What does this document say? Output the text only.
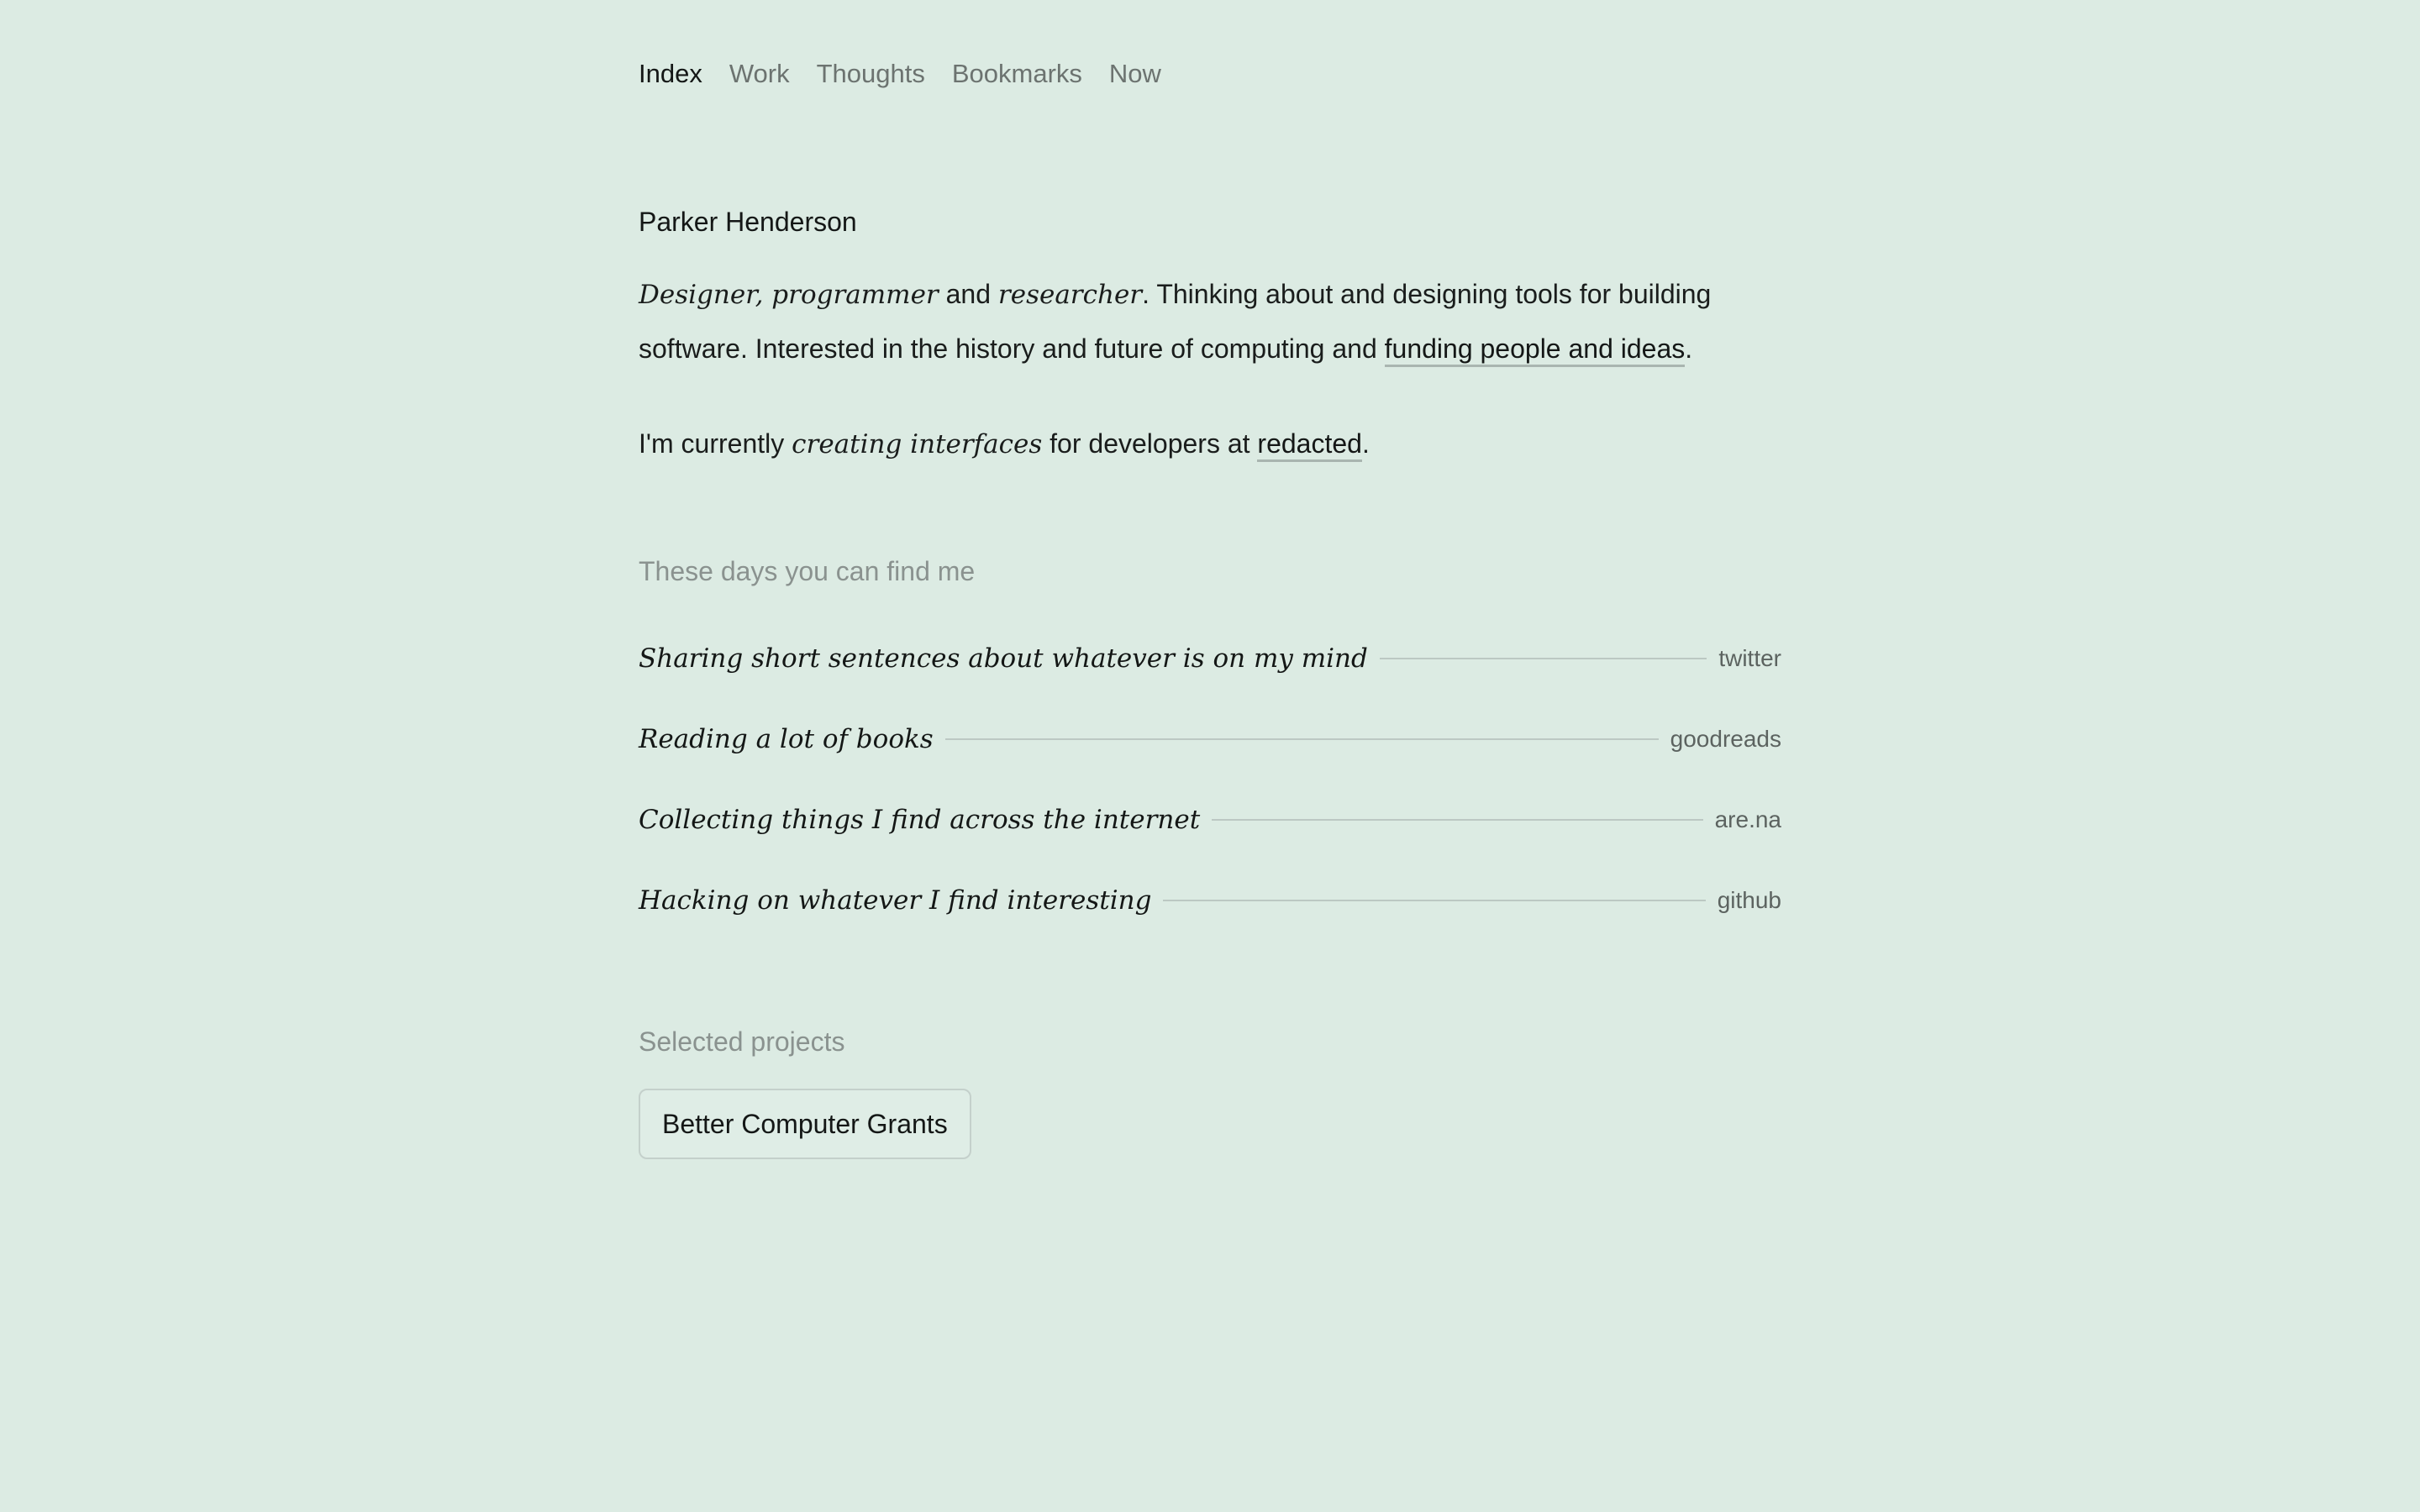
Index Work Thoughts Bookmarks Now
Parker Henderson

Designer, programmer and researcher. Thinking about and designing tools for building software. Interested in the history and future of computing and funding people and ideas.

I'm currently creating interfaces for developers at redacted.

These days you can find me
Sharing short sentences about whatever is on my mind	twitter
Reading a lot of books	goodreads
Collecting things I find across the internet	are.na
Hacking on whatever I find interesting	github
Selected projects
Better Computer Grants
